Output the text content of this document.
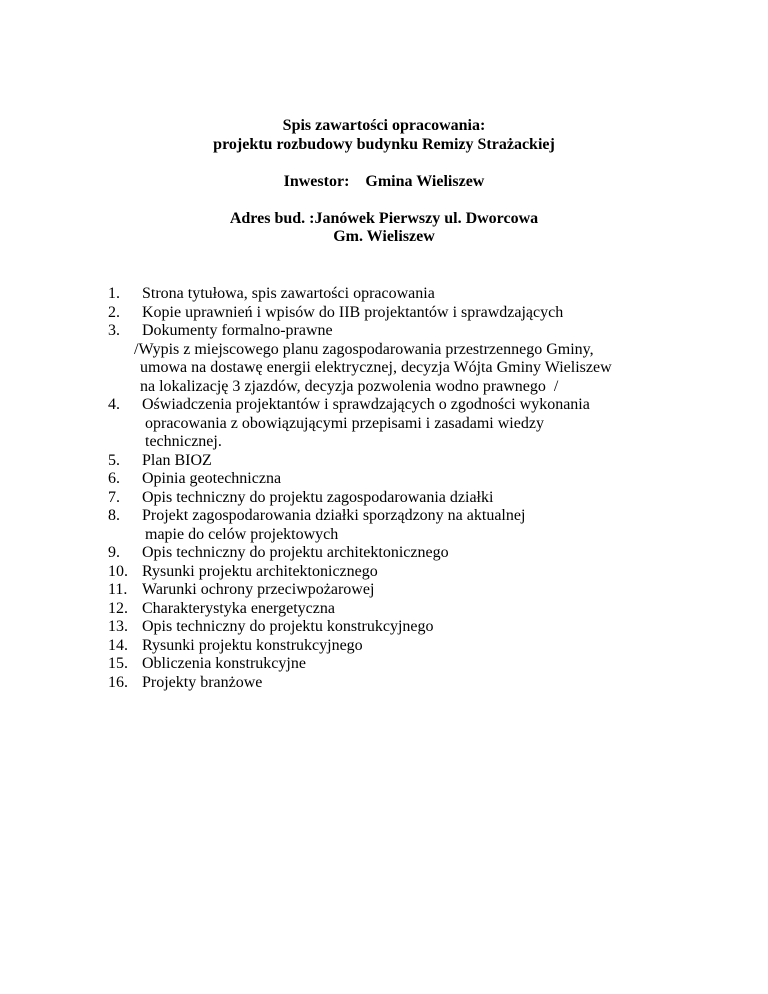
Spis zawartości opracowania:
projektu rozbudowy budynku Remizy Strażackiej
Inwestor: Gmina Wieliszew
Adres bud. :Janówek Pierwszy ul. Dworcowa
Gm. Wieliszew
1.	Strona tytułowa, spis zawartości opracowania
2.	Kopie uprawnień i wpisów do IIB projektantów i sprawdzających
3.	Dokumenty formalno-prawne
/Wypis z miejscowego planu zagospodarowania przestrzennego Gminy,
umowa na dostawę energii elektrycznej, decyzja Wójta Gminy Wieliszew
na lokalizację 3 zjazdów, decyzja pozwolenia wodno prawnego  /
4.	Oświadczenia projektantów i sprawdzających o zgodności wykonania
opracowania z obowiązującymi przepisami i zasadami wiedzy
technicznej.
5.	Plan BIOZ
6.	Opinia geotechniczna
7.	Opis techniczny do projektu zagospodarowania działki
8.	Projekt zagospodarowania działki sporządzony na aktualnej
mapie do celów projektowych
9.	Opis techniczny do projektu architektonicznego
10. Rysunki projektu architektonicznego
11. Warunki ochrony przeciwpożarowej
12. Charakterystyka energetyczna
13. Opis techniczny do projektu konstrukcyjnego
14. Rysunki projektu konstrukcyjnego
15. Obliczenia konstrukcyjne
16. Projekty branżowe
